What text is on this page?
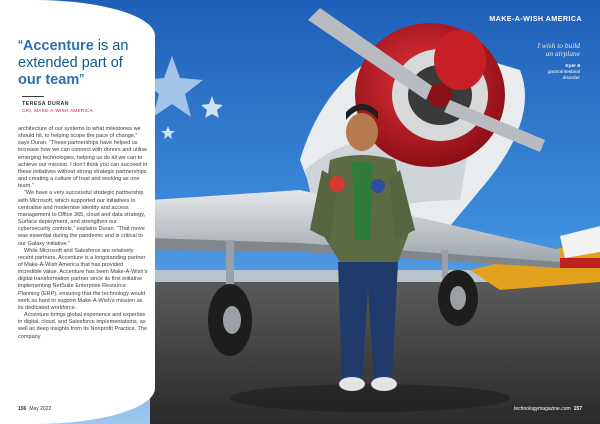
“Accenture is an extended part of our team”
TERESA DURAN
CIO, MAKE-A-WISH AMERICA

architecture of our systems to what milestones we should hit, to helping scope the pace of change,” says Duran. “These partnerships have helped us increase how we can connect with donors and utilise emerging technologies, helping us do all we can to achieve our mission. I don't think you can succeed in these initiatives without strong strategic partnerships and creating a culture of trust and working as one team.”

“We have a very successful strategic partnership with Microsoft, which supported our initiatives to centralise and modernise identity and access management to Office 365, cloud and data strategy, Surface deployment, and strengthen our cybersecurity controls,” explains Duran. “That move was essential during the pandemic and is critical to our Galaxy initiative.”

While Microsoft and Salesforce are relatively recent partners, Accenture is a longstanding partner of Make-A-Wish America that has provided incredible value. Accenture has been Make-A-Wish’s digital transformation partner since its first initiative implementing NetSuite Enterprise Resource Planning (ERP), ensuring that the technology would work as hard to support Make-A-Wish’s mission as its dedicated workforce.

Accenture brings global experience and expertise in digital, cloud, and Salesforce implementations, as well as deep insights from its Nonprofit Practice. The company

156 May 2022
MAKE-A-WISH AMERICA
I wish to build
an airplane
Kyer 9
gastrointestinal
disorder
technologymagazine.com 157
